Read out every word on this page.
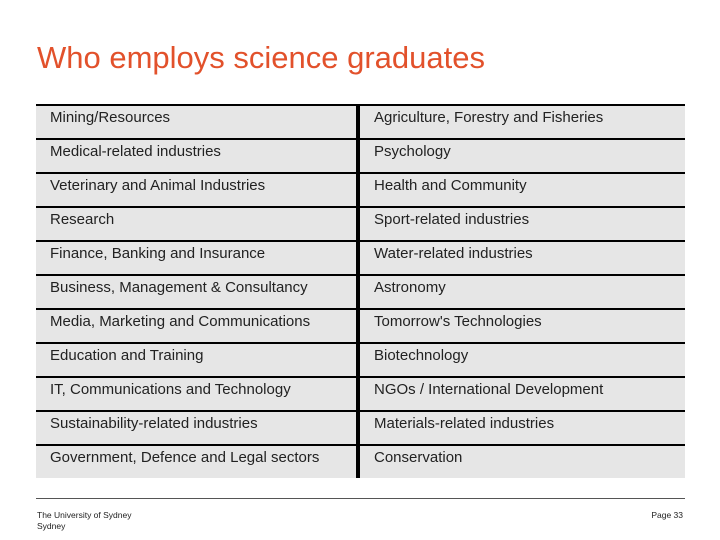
Who employs science graduates
Mining/Resources	Agriculture, Forestry and Fisheries
Medical-related industries	Psychology
Veterinary and Animal Industries	Health and Community
Research	Sport-related industries
Finance, Banking and Insurance	Water-related industries
Business, Management & Consultancy	Astronomy
Media, Marketing and Communications	Tomorrow's Technologies
Education and Training	Biotechnology
IT, Communications and Technology	NGOs / International Development
Sustainability-related industries	Materials-related industries
Government, Defence and Legal sectors	Conservation
The University of Sydney
Sydney
Page 33
